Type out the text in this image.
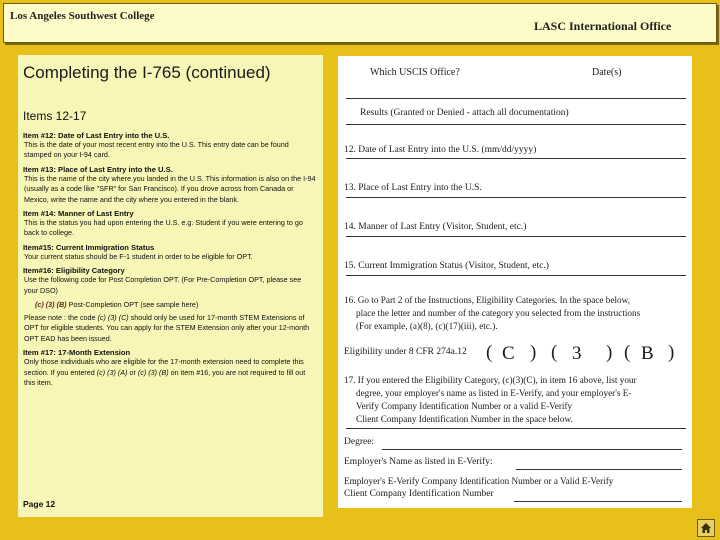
Los Angeles Southwest College
LASC International Office
Completing the I-765 (continued)
Items 12-17
Item #12: Date of Last Entry into the U.S.
This is the date of your most recent entry into the U.S. This entry date can be found stamped on your I-94 card.
Item #13: Place of Last Entry into the U.S.
This is the name of the city where you landed in the U.S. This information is also on the I-94 (usually as a code like "SFR" for San Francisco). If you drove across from Canada or Mexico, write the name and the city where you entered in the blank.
Item #14: Manner of Last Entry
This is the status you had upon entering the U.S. e.g. Student if you were entering to go back to college.
Item#15: Current Immigration Status
Your current status should be F-1 student in order to be eligible for OPT.
Item#16: Eligibility Category
Use the following code for Post Completion OPT. (For Pre-Completion OPT, please see your DSO)
(c) (3) (B) Post-Completion OPT (see sample here)
Please note : the code (c) (3) (C) should only be used for 17-month STEM Extensions of OPT for eligible students. You can apply for the STEM Extension only after your 12-month OPT EAD has been issued.
Item #17: 17-Month Extension
Only those individuals who are eligible for the 17-month extension need to complete this section. If you entered (c) (3) (A) or (c) (3) (B) on item #16, you are not required to fill out this item.
Page 12
Which USCIS Office?	Date(s)
Results (Granted or Denied - attach all documentation)
12. Date of Last Entry into the U.S. (mm/dd/yyyy)
13. Place of Last Entry into the U.S.
14. Manner of Last Entry (Visitor, Student, etc.)
15. Current Immigration Status (Visitor, Student, etc.)
16. Go to Part 2 of the Instructions, Eligibility Categories. In the space below,
place the letter and number of the category you selected from the instructions
(For example, (a)(8), (c)(17)(iii), etc.).
Eligibility under 8 CFR 274a.12 ( C ) ( 3 ) ( B )
17. If you entered the Eligibility Category, (c)(3)(C), in item 16 above, list your
degree, your employer's name as listed in E-Verify, and your employer's E-
Verify Company Identification Number or a valid E-Verify
Client Company Identification Number in the space below.
Degree:
Employer's Name as listed in E-Verify:
Employer's E-Verify Company Identification Number or a Valid E-Verify
Client Company Identification Number
